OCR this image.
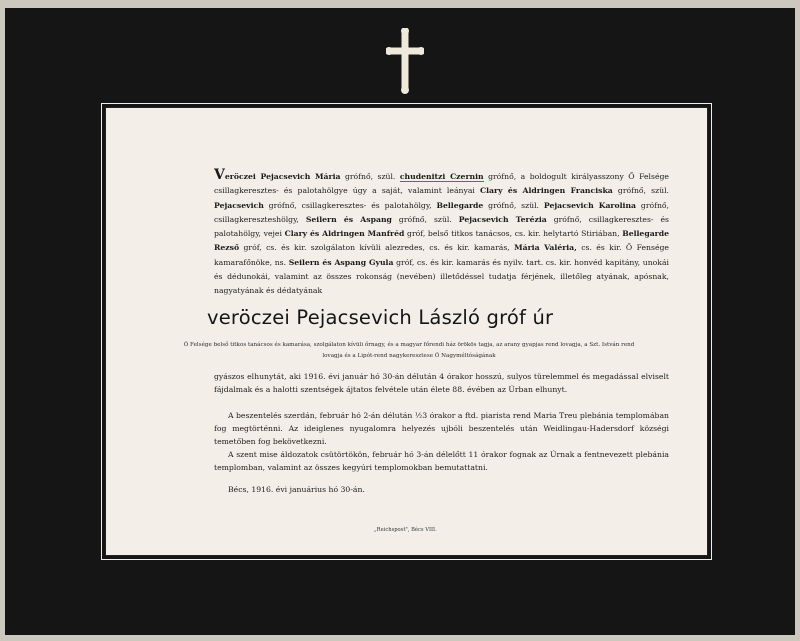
Veröczei Pejacsevich Mária grófnő, szül. chudenitzi Czernin grófnő, a boldogult királyasszony Ő Felsége csillagkeresztes- és palotahölgye úgy a saját, valamint leányai Clary és Aldringen Franciska grófnő, szül. Pejacsevich grófnő, csillagkeresztes- és palotahölgy, Bellegarde grófnő, szül. Pejacsevich Karolina grófnő, csillagkereszteshölgy, Seilern és Aspang grófnő, szül. Pejacsevich Terézia grófnő, csillagkeresztes- és palotahölgy, vejei Clary és Aldringen Manfréd gróf, belső titkos tanácsos, cs. kir. helytartó Stiriában, Bellegarde Rezső gróf, cs. és kir. szolgálaton kívüli alezredes, cs. és kir. kamarás, Mária Valéria, cs. és kir. Ő Fensége kamarafőnöke, ns. Seilern és Aspang Gyula gróf, cs. és kir. kamarás és nyilv. tart. cs. kir. honvéd kapitány, unokái és dédunokái, valamint az összes rokonság (nevében) illetődéssel tudatja férjének, illetőleg atyának, apósnak, nagyatyának és dédatyának
veröczei Pejacsevich László gróf úr
Ő Felsége belső titkos tanácsos és kamarása, szolgálaton kívüli őrnagy, és a magyar főrendi ház örökös tagja, az arany gyapjas rend lovagja, a Szt. István rend lovagja és a Lipót-rend nagykeresztese Ő Nagyméltóságának
gyászos elhunytát, aki 1916. évi január hó 30-án délután 4 órakor hosszú, sulyos türelemmel és megadással elviselt fájdalmak és a halotti szentségek ájtatos felvétele után élete 88. évében az Úrban elhunyt.
A beszentelés szerdán, február hó 2-án délután ½3 órakor a ftd. piarista rend Maria Treu plebánia templomában fog megtörténni. Az ideiglenes nyugalomra helyezés ujbóli beszentelés után Weidlingau-Hadersdorf községi temetőben fog bekövetkezni.
A szent mise áldozatok csütörtökön, február hó 3-án délelőtt 11 órakor fognak az Úrnak a fentnevezett plebánia templomban, valamint az összes kegyúri templomokban bemutattatni.
Bécs, 1916. évi januárius hó 30-án.
„Reichspost", Bécs VIII.
